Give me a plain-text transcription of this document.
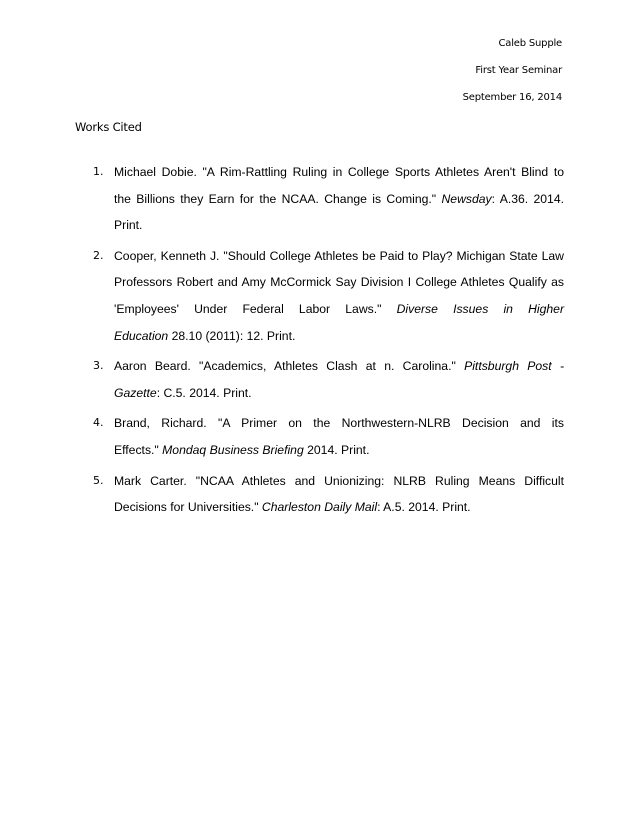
Caleb Supple
First Year Seminar
September 16, 2014
Works Cited
1. Michael Dobie. "A Rim-Rattling Ruling in College Sports Athletes Aren't Blind to
the Billions they Earn for the NCAA. Change is Coming." Newsday: A.36. 2014.
Print.
2. Cooper, Kenneth J. "Should College Athletes be Paid to Play? Michigan State Law
Professors Robert and Amy McCormick Say Division I College Athletes Qualify as
'Employees' Under Federal Labor Laws." Diverse Issues in Higher
Education 28.10 (2011): 12. Print.
3. Aaron Beard. "Academics, Athletes Clash at n. Carolina." Pittsburgh Post -
Gazette: C.5. 2014. Print.
4. Brand, Richard. "A Primer on the Northwestern-NLRB Decision and its
Effects." Mondaq Business Briefing 2014. Print.
5. Mark Carter. "NCAA Athletes and Unionizing: NLRB Ruling Means Difficult
Decisions for Universities." Charleston Daily Mail: A.5. 2014. Print.
